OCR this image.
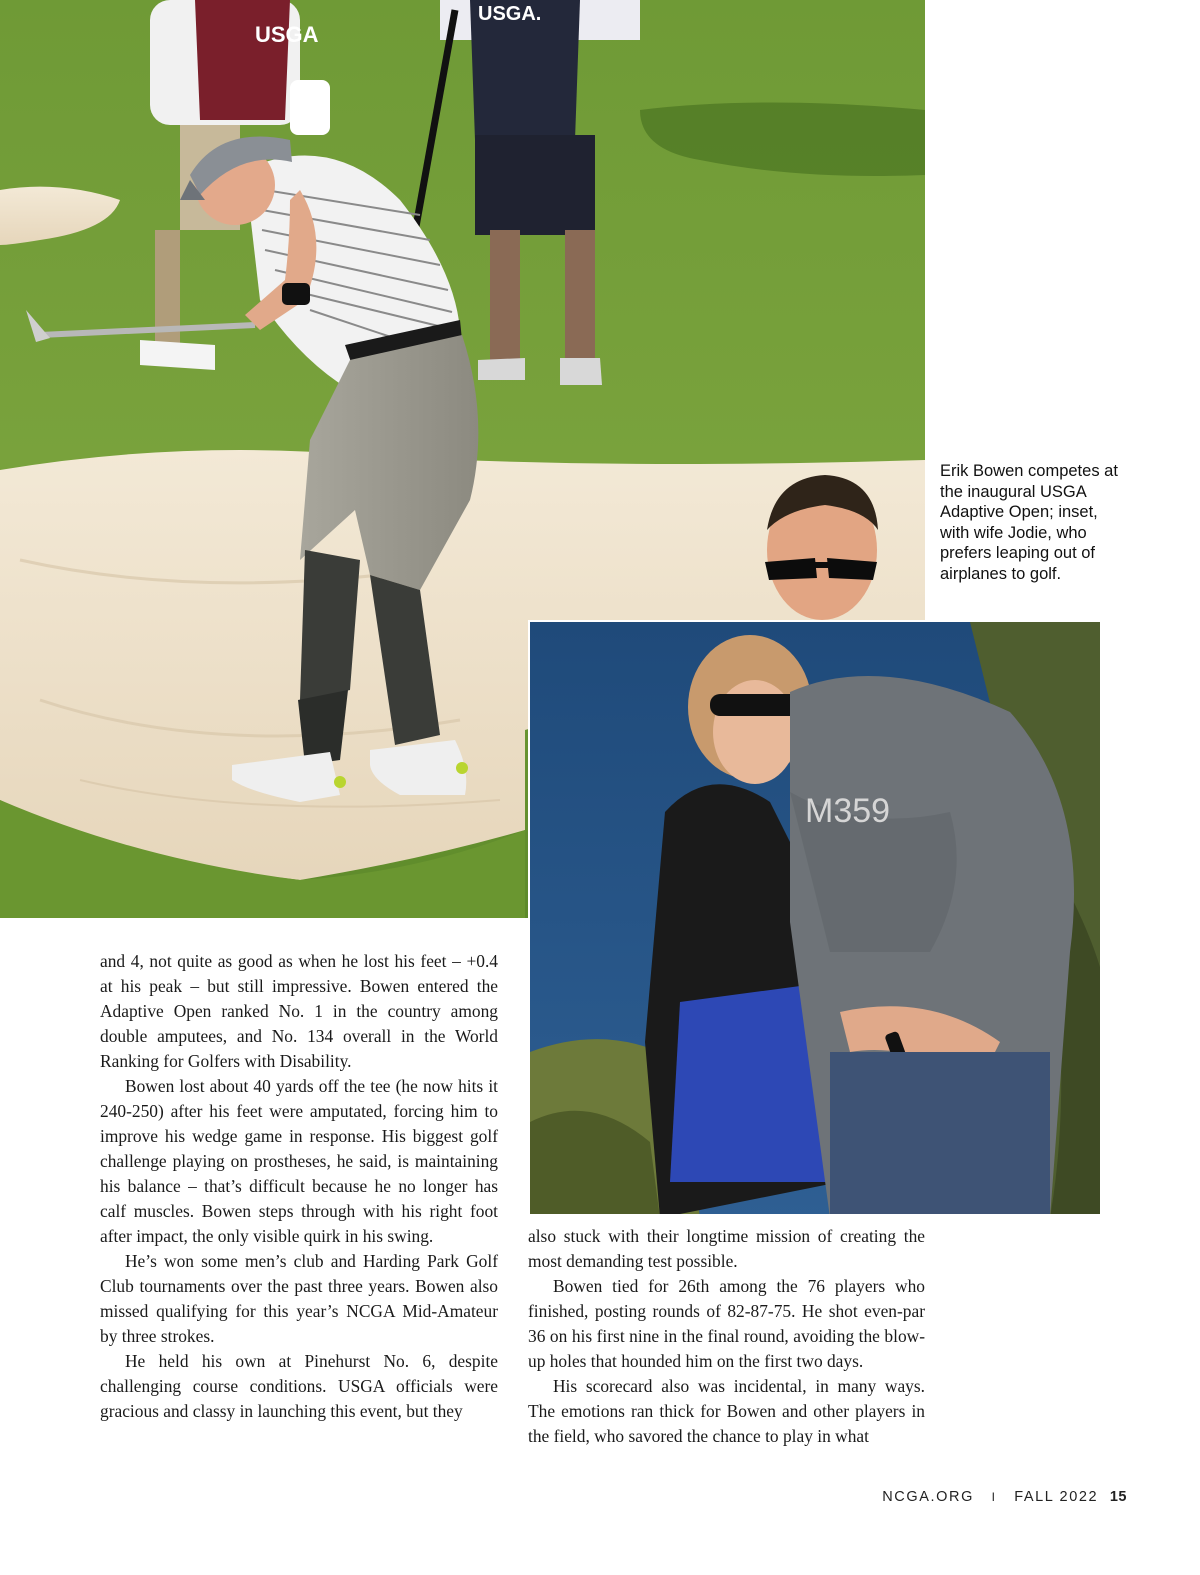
USGA
USGA.
M359
Erik Bowen competes at the inaugural USGA Adaptive Open; inset, with wife Jodie, who prefers leaping out of airplanes to golf.

and 4, not quite as good as when he lost his feet – +0.4 at his peak – but still impressive. Bowen entered the Adaptive Open ranked No. 1 in the country among double amputees, and No. 134 overall in the World Ranking for Golfers with Disability.

Bowen lost about 40 yards off the tee (he now hits it 240-250) after his feet were amputated, forcing him to improve his wedge game in response. His biggest golf challenge playing on prostheses, he said, is maintaining his balance – that’s difficult because he no longer has calf muscles. Bowen steps through with his right foot after impact, the only visible quirk in his swing.

He’s won some men’s club and Harding Park Golf Club tournaments over the past three years. Bowen also missed qualifying for this year’s NCGA Mid-Amateur by three strokes.

He held his own at Pinehurst No. 6, despite challenging course conditions. USGA officials were gracious and classy in launching this event, but they

also stuck with their longtime mission of creating the most demanding test possible.

Bowen tied for 26th among the 76 players who finished, posting rounds of 82-87-75. He shot even-par 36 on his first nine in the final round, avoiding the blow-up holes that hounded him on the first two days.

His scorecard also was incidental, in many ways. The emotions ran thick for Bowen and other players in the field, who savored the chance to play in what

NCGA.ORG I FALL 2022 15
